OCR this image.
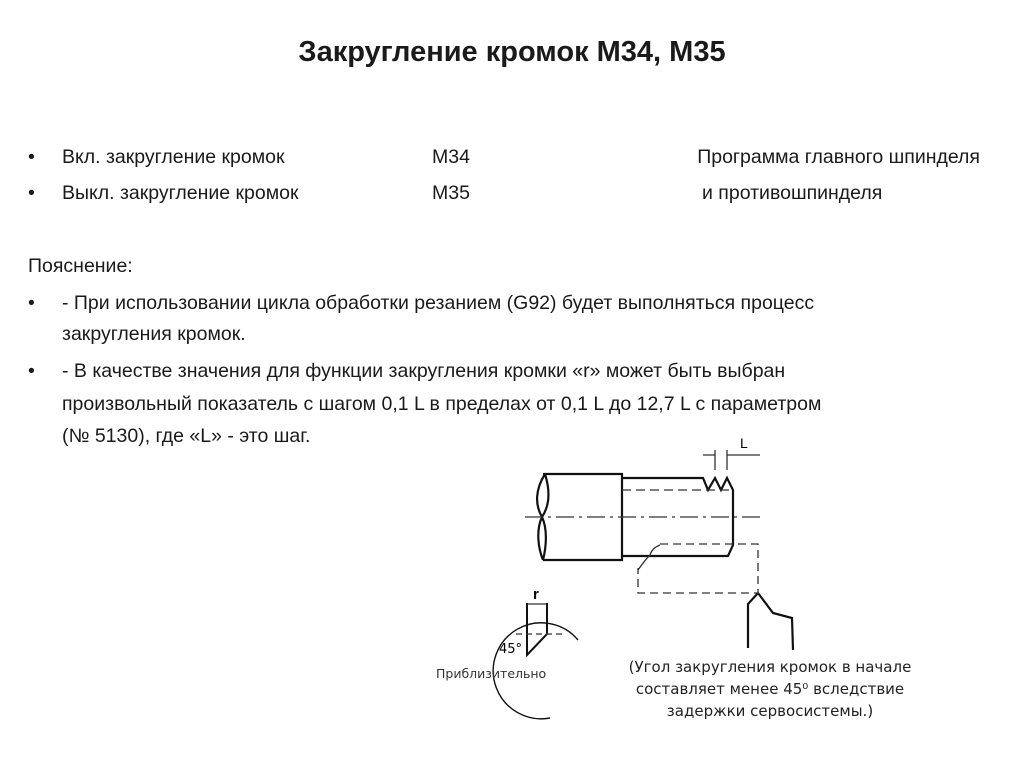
Закругление кромок M34, M35
• Вкл. закругление кромок	M34	Программа главного шпинделя
• Выкл. закругление кромок	M35	и противошпинделя
Пояснение:
• - При использовании цикла обработки резанием (G92) будет выполняться процесс
закругления кромок.
• - В качестве значения для функции закругления кромки «r» может быть выбран
произвольный показатель с шагом 0,1 L в пределах от 0,1 L до 12,7 L с параметром
(№ 5130), где «L» - это шаг.	L
r
45°
Приблизительно	(Угол закругления кромок в начале
составляет менее 45⁰ вследствие
задержки сервосистемы.)
